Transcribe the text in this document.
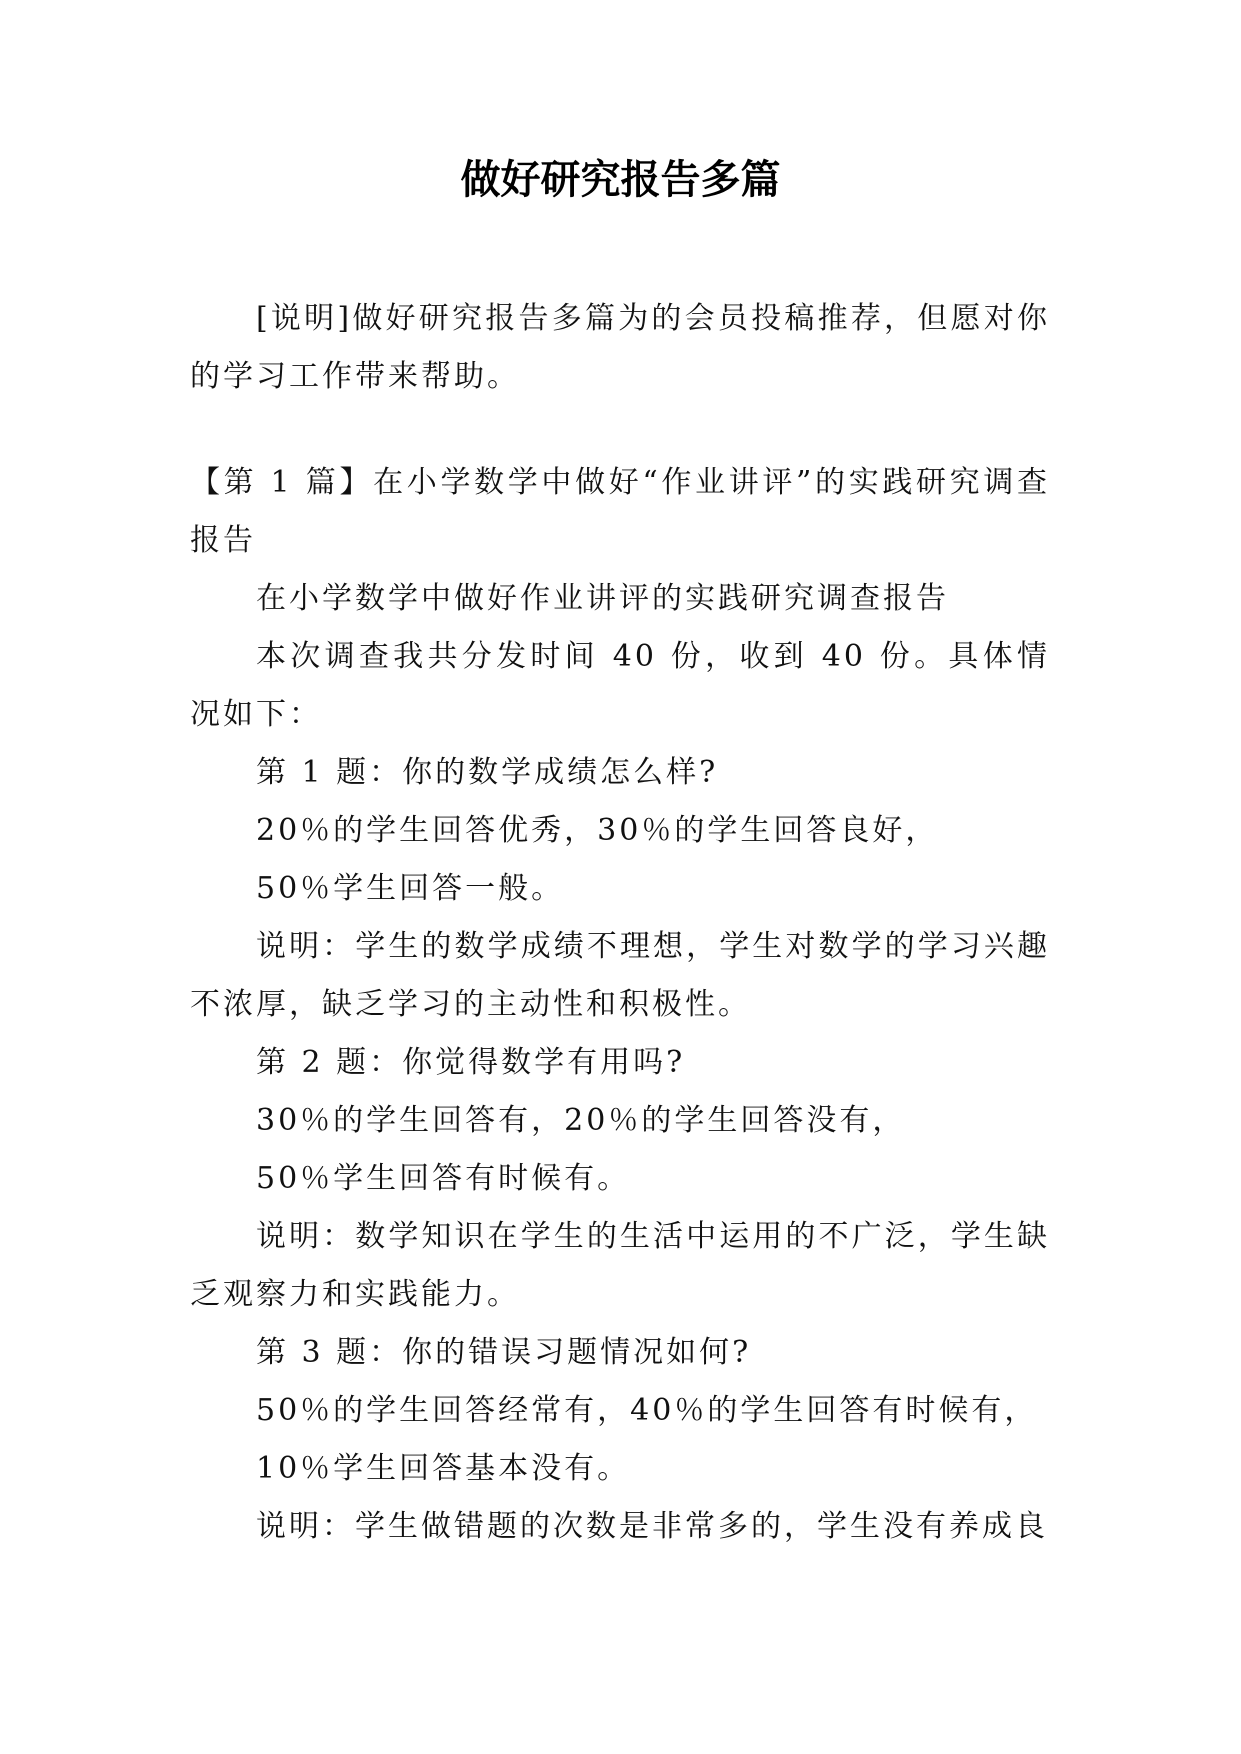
做好研究报告多篇

[说明]做好研究报告多篇为的会员投稿推荐，但愿对你的学习工作带来帮助。

【第 1 篇】在小学数学中做好“作业讲评”的实践研究调查报告

在小学数学中做好作业讲评的实践研究调查报告

本次调查我共分发时间 40 份，收到 40 份。具体情况如下：

第 1 题：你的数学成绩怎么样?

20％的学生回答优秀，30％的学生回答良好，

50％学生回答一般。

说明：学生的数学成绩不理想，学生对数学的学习兴趣不浓厚，缺乏学习的主动性和积极性。

第 2 题：你觉得数学有用吗?

30％的学生回答有，20％的学生回答没有，

50％学生回答有时候有。

说明：数学知识在学生的生活中运用的不广泛，学生缺乏观察力和实践能力。

第 3 题：你的错误习题情况如何?

50％的学生回答经常有，40％的学生回答有时候有，

10％学生回答基本没有。

说明：学生做错题的次数是非常多的，学生没有养成良
